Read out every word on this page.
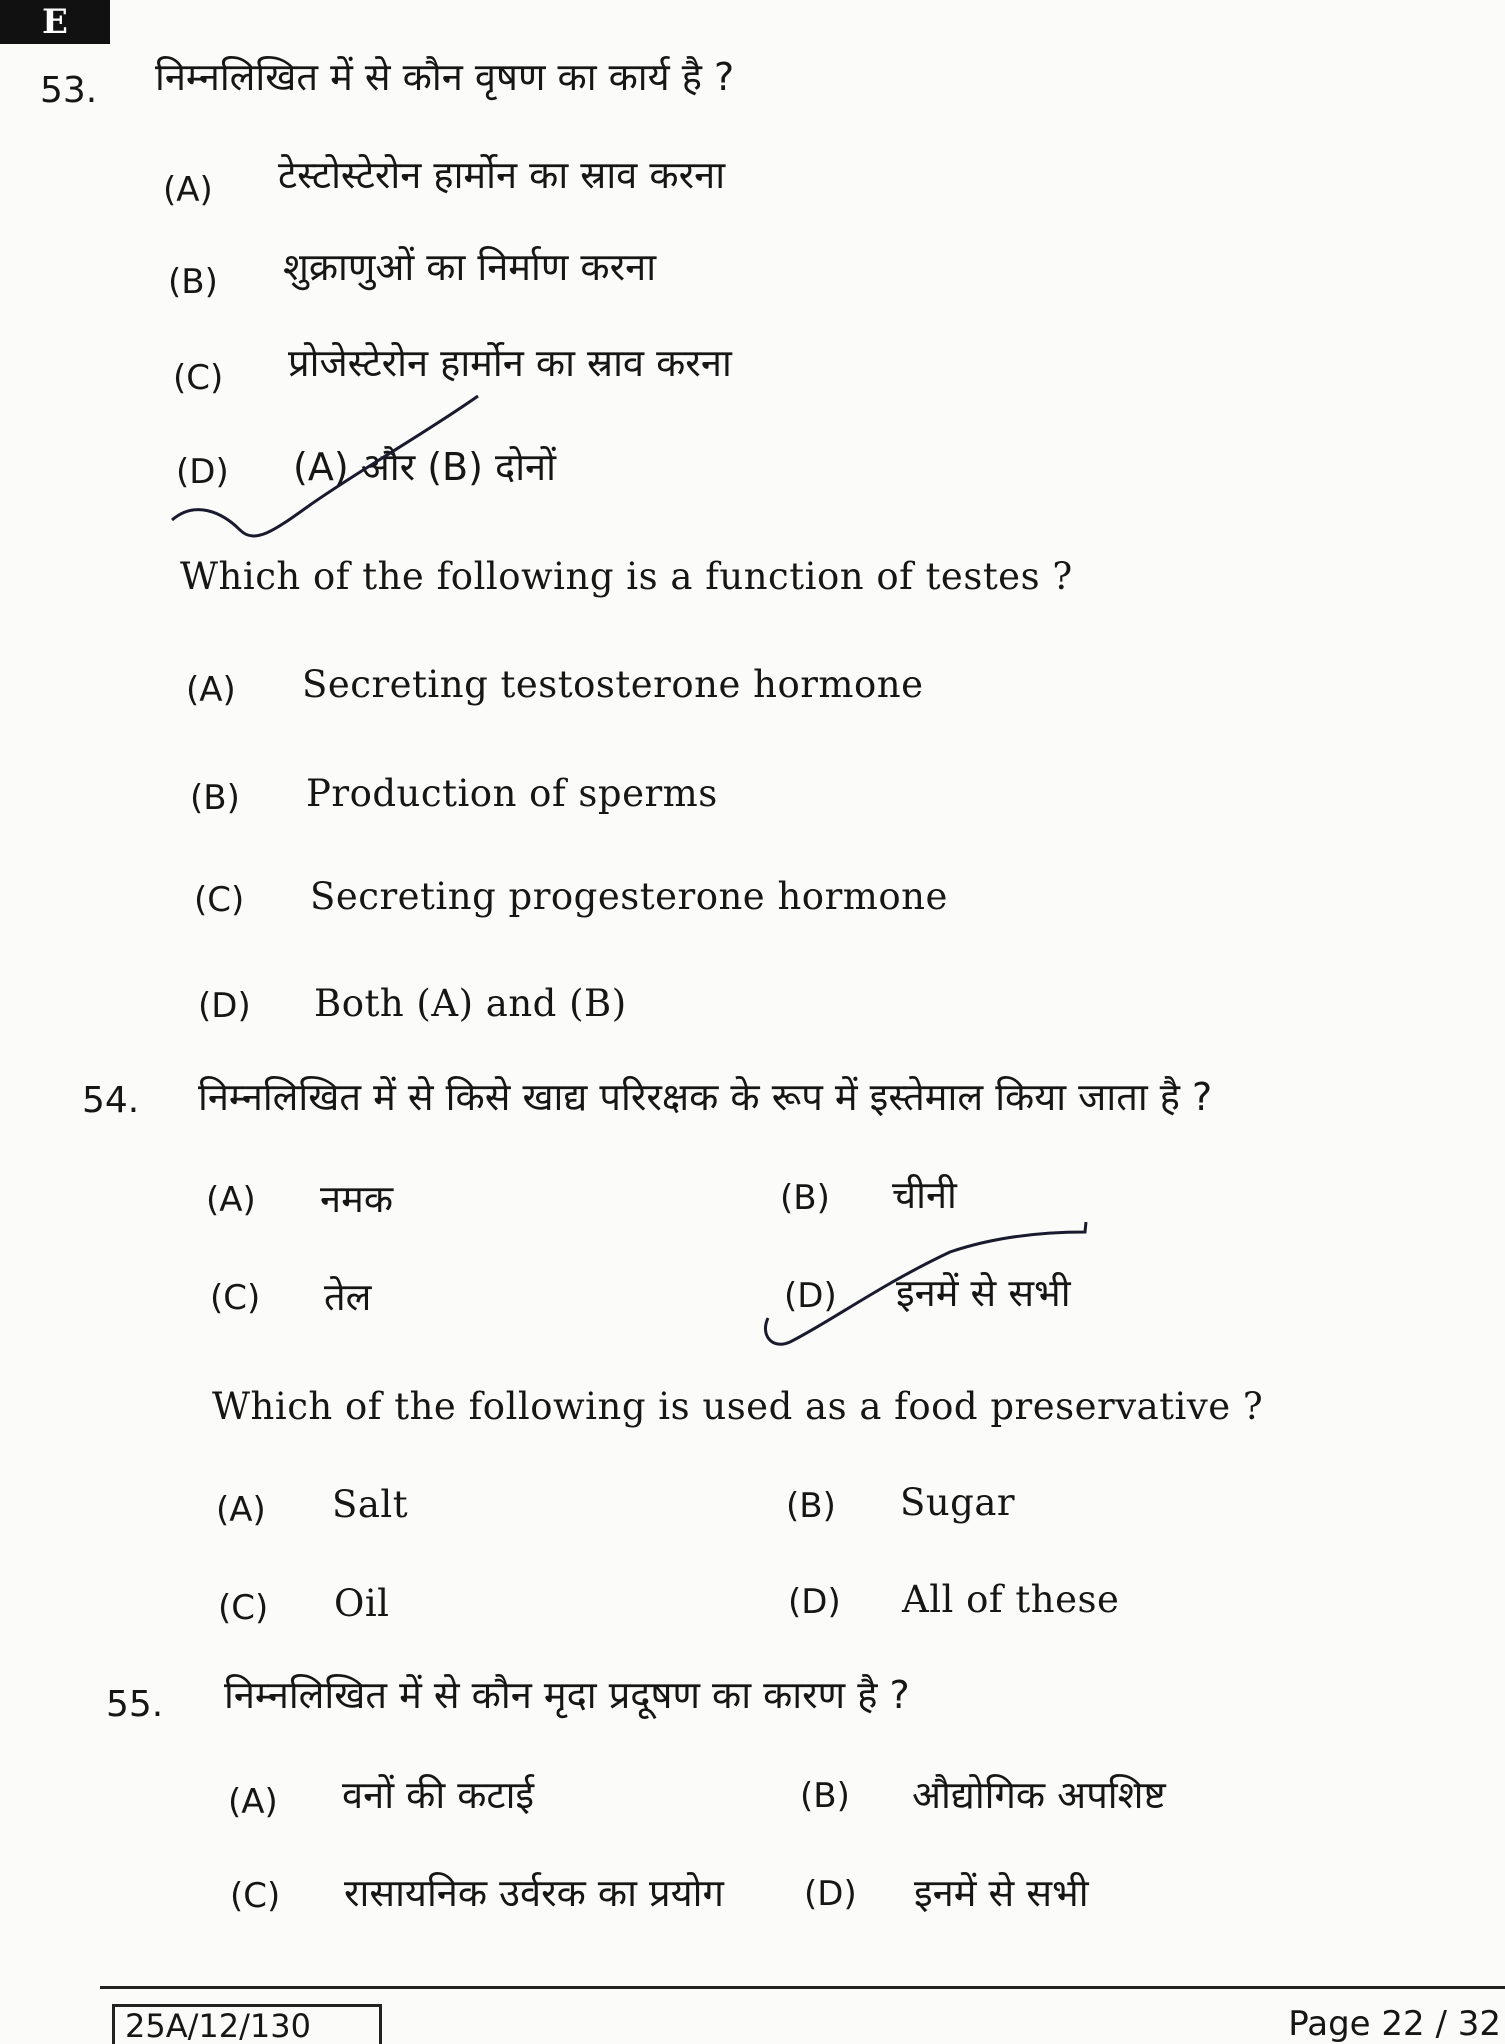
E
53. निम्नलिखित में से कौन वृषण का कार्य है ?
(A) टेस्टोस्टेरोन हार्मोन का स्राव करना
(B) शुक्राणुओं का निर्माण करना
(C) प्रोजेस्टेरोन हार्मोन का स्राव करना
(D) (A) और (B) दोनों
Which of the following is a function of testes ?
(A) Secreting testosterone hormone
(B) Production of sperms
(C) Secreting progesterone hormone
(D) Both (A) and (B)
54. निम्नलिखित में से किसे खाद्य परिरक्षक के रूप में इस्तेमाल किया जाता है ?
(A) नमक	(B) चीनी
(C) तेल	(D) इनमें से सभी
Which of the following is used as a food preservative ?
(A) Salt	(B) Sugar
(C) Oil	(D) All of these
55. निम्नलिखित में से कौन मृदा प्रदूषण का कारण है ?
(A) वनों की कटाई	(B) औद्योगिक अपशिष्ट
(C) रासायनिक उर्वरक का प्रयोग (D) इनमें से सभी
25A/12/130	Page 22 / 32
